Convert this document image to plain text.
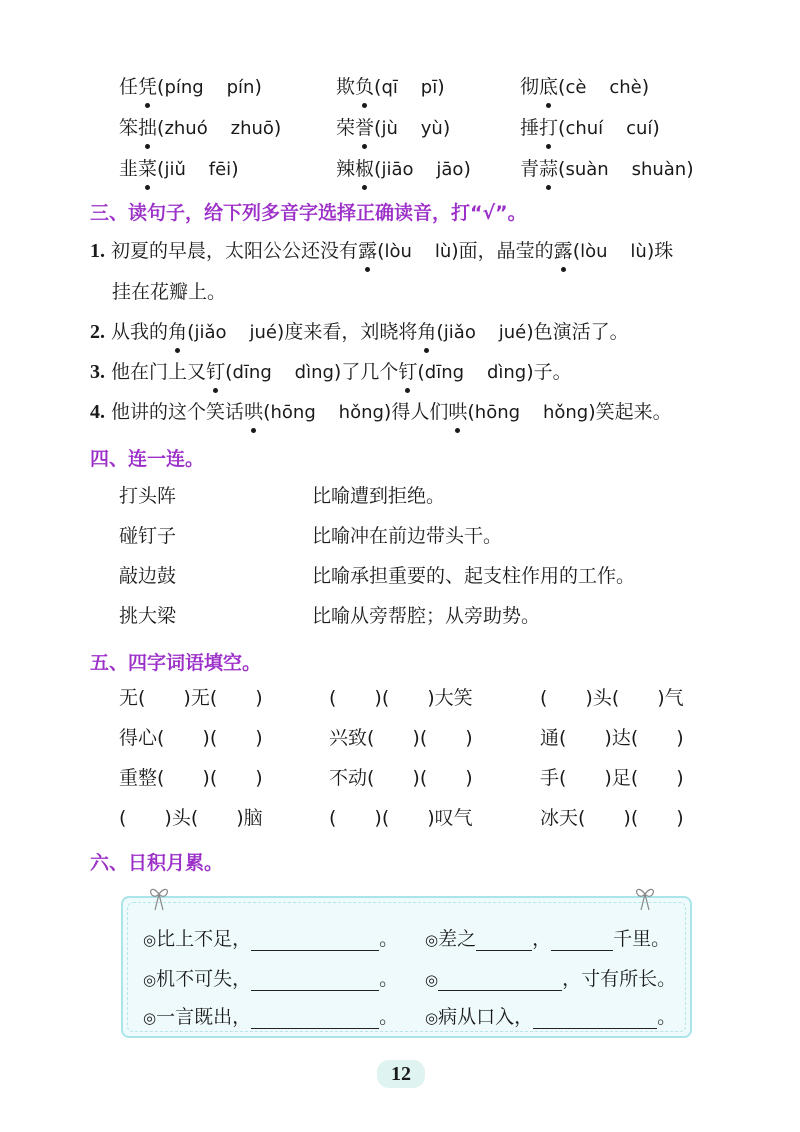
任凭(píng pín)	欺负(qī pī)	彻底(cè chè)
笨拙(zhuó zhuō)	荣誉(jù yù)	捶打(chuí cuí)
韭菜(jiǔ fēi)	辣椒(jiāo jāo)	青蒜(suàn shuàn)
三、读句子，给下列多音字选择正确读音，打“√”。
1. 初夏的早晨，太阳公公还没有露(lòu lù)面，晶莹的露(lòu lù)珠
挂在花瓣上。
2. 从我的角(jiǎo jué)度来看，刘晓将角(jiǎo jué)色演活了。
3. 他在门上又钉(dīng dìng)了几个钉(dīng dìng)子。
4. 他讲的这个笑话哄(hōng hǒng)得人们哄(hōng hǒng)笑起来。
四、连一连。
打头阵	比喻遭到拒绝。
碰钉子	比喻冲在前边带头干。
敲边鼓	比喻承担重要的、起支柱作用的工作。
挑大梁	比喻从旁帮腔；从旁助势。
五、四字词语填空。
无(　　)无(　　)	(　　)(　　)大笑	(　　)头(　　)气
得心(　　)(　　)	兴致(　　)(　　)	通(　　)达(　　)
重整(　　)(　　)	不动(　　)(　　)	手(　　)足(　　)
(　　)头(　　)脑	(　　)(　　)叹气	冰天(　　)(　　)
六、日积月累。
◎比上不足，	。 ◎差之	，	千里。
◎机不可失，	。 ◎	，寸有所长。
◎一言既出，	。 ◎病从口入，	。
12
